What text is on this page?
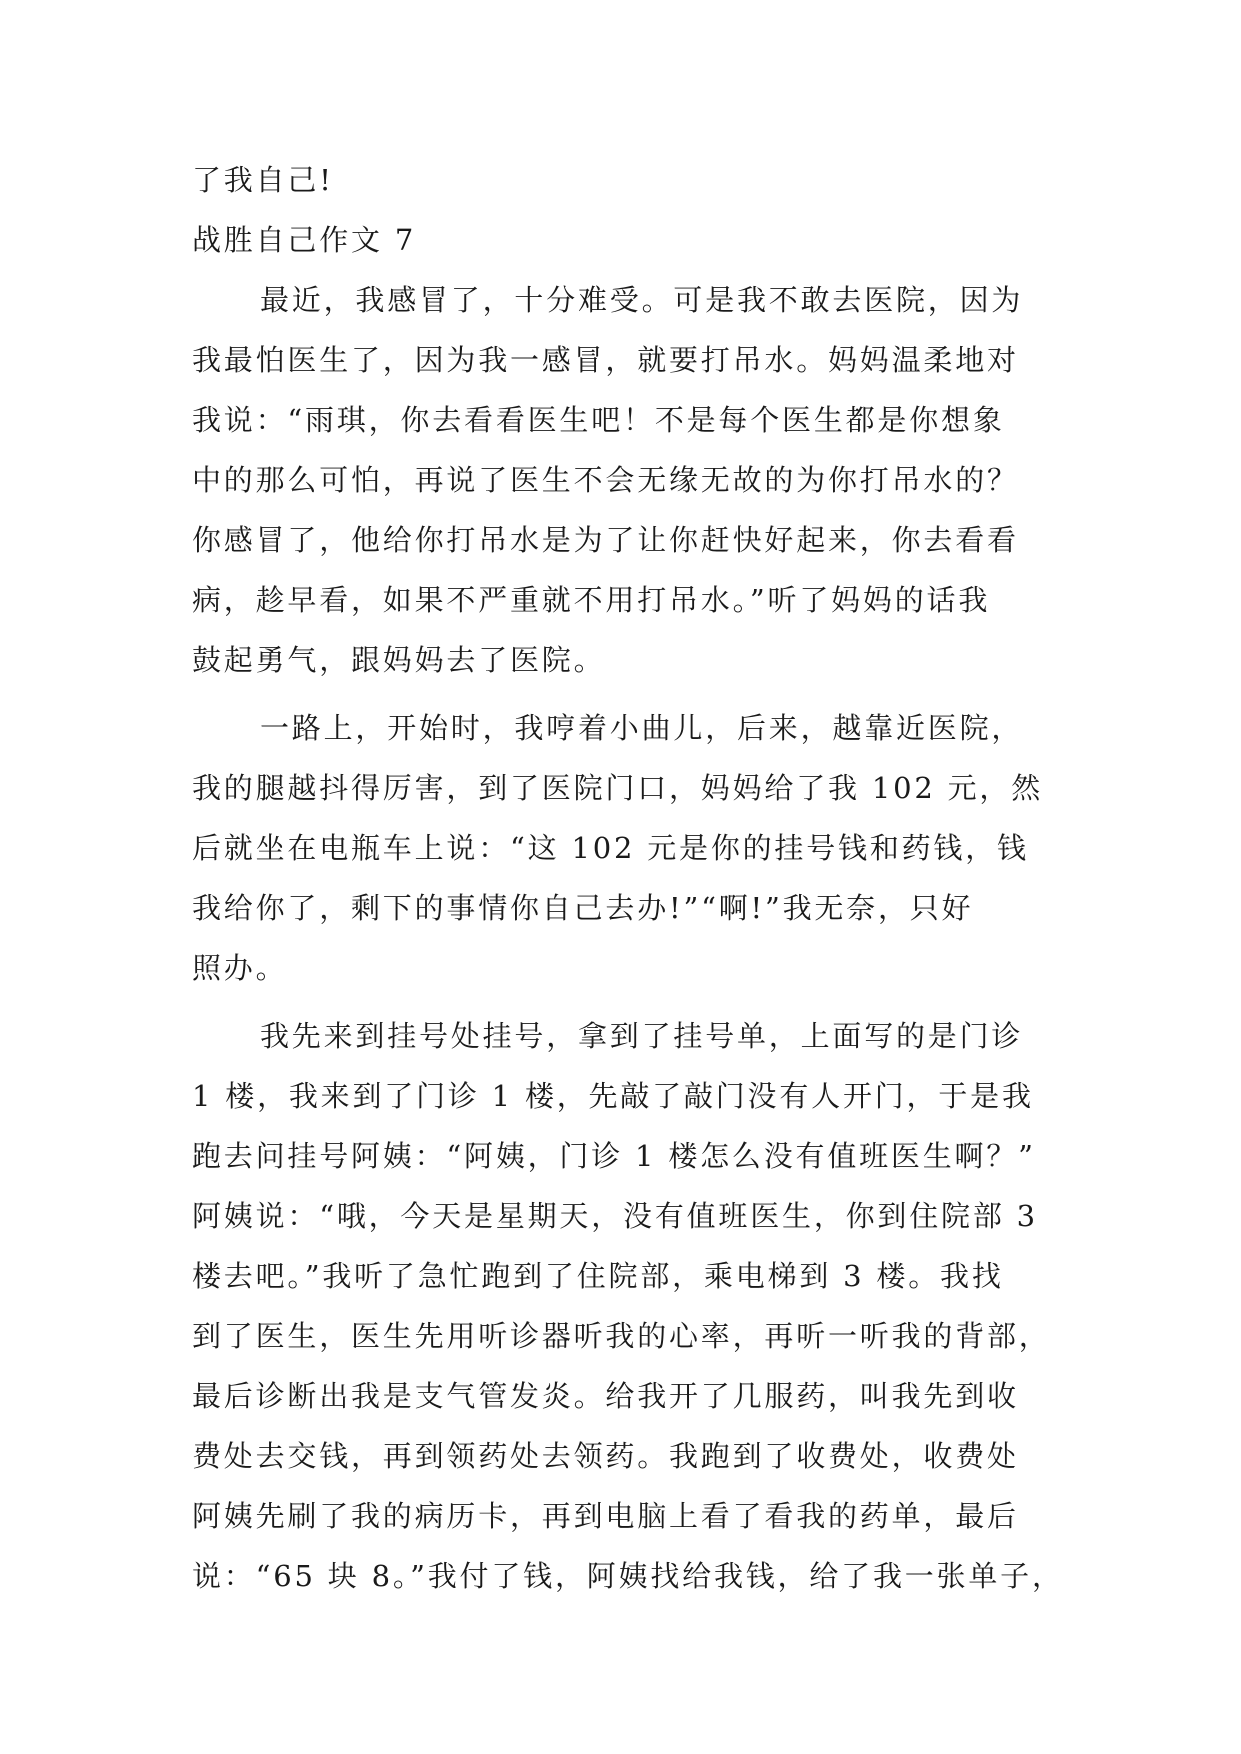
了我自己!
战胜自己作文 7
最近，我感冒了，十分难受。可是我不敢去医院，因为
我最怕医生了，因为我一感冒，就要打吊水。妈妈温柔地对
我说：“雨琪，你去看看医生吧！不是每个医生都是你想象
中的那么可怕，再说了医生不会无缘无故的为你打吊水的？
你感冒了，他给你打吊水是为了让你赶快好起来，你去看看
病，趁早看，如果不严重就不用打吊水。”听了妈妈的话我
鼓起勇气，跟妈妈去了医院。
一路上，开始时，我哼着小曲儿，后来，越靠近医院，
我的腿越抖得厉害，到了医院门口，妈妈给了我 102 元，然
后就坐在电瓶车上说：“这 102 元是你的挂号钱和药钱，钱
我给你了，剩下的事情你自己去办!”“啊!”我无奈，只好
照办。
我先来到挂号处挂号，拿到了挂号单，上面写的是门诊
1 楼，我来到了门诊 1 楼，先敲了敲门没有人开门，于是我
跑去问挂号阿姨：“阿姨，门诊 1 楼怎么没有值班医生啊？”
阿姨说：“哦，今天是星期天，没有值班医生，你到住院部 3
楼去吧。”我听了急忙跑到了住院部，乘电梯到 3 楼。我找
到了医生，医生先用听诊器听我的心率，再听一听我的背部，
最后诊断出我是支气管发炎。给我开了几服药，叫我先到收
费处去交钱，再到领药处去领药。我跑到了收费处，收费处
阿姨先刷了我的病历卡，再到电脑上看了看我的药单，最后
说：“65 块 8。”我付了钱，阿姨找给我钱，给了我一张单子，
